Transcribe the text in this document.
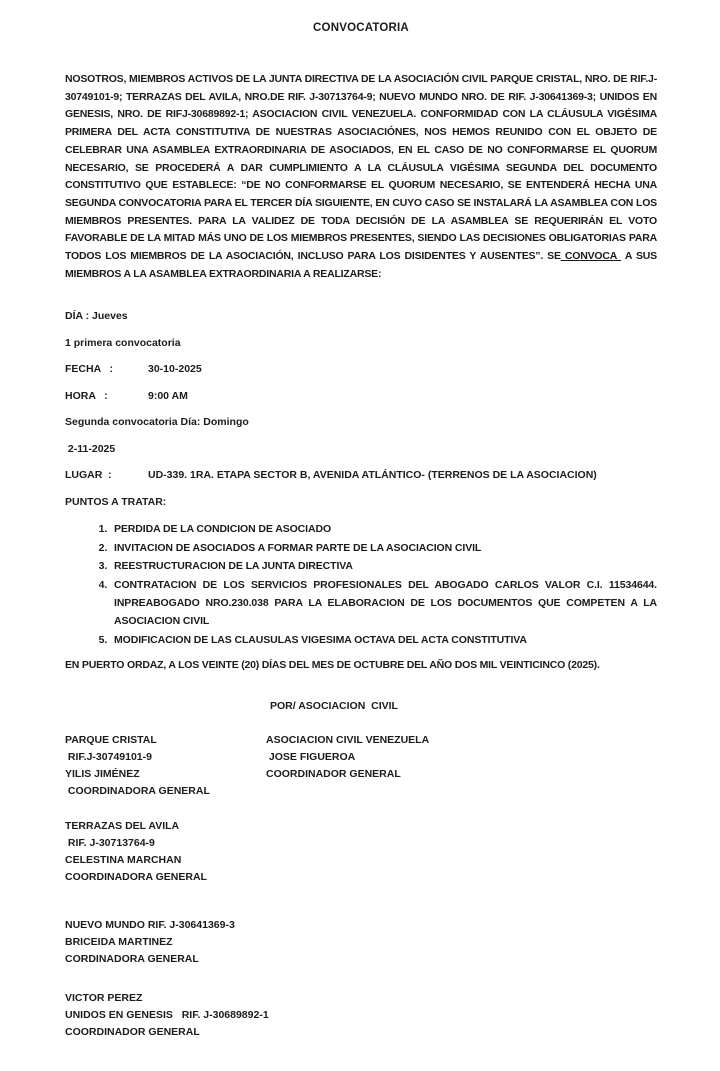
CONVOCATORIA

NOSOTROS, MIEMBROS ACTIVOS DE LA JUNTA DIRECTIVA DE LA ASOCIACIÓN CIVIL PARQUE CRISTAL, NRO. DE RIF.J-30749101-9; TERRAZAS DEL AVILA, NRO.DE RIF. J-30713764-9; NUEVO MUNDO NRO. DE RIF. J-30641369-3; UNIDOS EN GENESIS, NRO. DE RIFJ-30689892-1; ASOCIACION CIVIL VENEZUELA. CONFORMIDAD CON LA CLÁUSULA VIGÉSIMA PRIMERA DEL ACTA CONSTITUTIVA DE NUESTRAS ASOCIACIÓNES, NOS HEMOS REUNIDO CON EL OBJETO DE CELEBRAR UNA ASAMBLEA EXTRAORDINARIA DE ASOCIADOS, EN EL CASO DE NO CONFORMARSE EL QUORUM NECESARIO, SE PROCEDERÁ A DAR CUMPLIMIENTO A LA CLÁUSULA VIGÉSIMA SEGUNDA DEL DOCUMENTO CONSTITUTIVO QUE ESTABLECE: “DE NO CONFORMARSE EL QUORUM NECESARIO, SE ENTENDERÁ HECHA UNA SEGUNDA CONVOCATORIA PARA EL TERCER DÍA SIGUIENTE, EN CUYO CASO SE INSTALARÁ LA ASAMBLEA CON LOS MIEMBROS PRESENTES. PARA LA VALIDEZ DE TODA DECISIÓN DE LA ASAMBLEA SE REQUERIRÁN EL VOTO FAVORABLE DE LA MITAD MÁS UNO DE LOS MIEMBROS PRESENTES, SIENDO LAS DECISIONES OBLIGATORIAS PARA TODOS LOS MIEMBROS DE LA ASOCIACIÓN, INCLUSO PARA LOS DISIDENTES Y AUSENTES”. SE CONVOCA  A SUS MIEMBROS A LA ASAMBLEA EXTRAORDINARIA A REALIZARSE:

DÍA : Jueves
1 primera convocatoria
FECHA   :	30-10-2025
HORA   :	9:00 AM
Segunda convocatoria Día: Domingo
2-11-2025
LUGAR  :	UD-339. 1RA. ETAPA SECTOR B, AVENIDA ATLÁNTICO- (TERRENOS DE LA ASOCIACION)
PUNTOS A TRATAR:
1. PERDIDA DE LA CONDICION DE ASOCIADO
2. INVITACION DE ASOCIADOS A FORMAR PARTE DE LA ASOCIACION CIVIL
3. REESTRUCTURACION DE LA JUNTA DIRECTIVA
4. CONTRATACION DE LOS SERVICIOS PROFESIONALES DEL ABOGADO CARLOS VALOR C.I. 11534644. INPREABOGADO NRO.230.038 PARA LA ELABORACION DE LOS DOCUMENTOS QUE COMPETEN A LA ASOCIACION CIVIL
5. MODIFICACION DE LAS CLAUSULAS VIGESIMA OCTAVA DEL ACTA CONSTITUTIVA

EN PUERTO ORDAZ, A LOS VEINTE (20) DÍAS DEL MES DE OCTUBRE DEL AÑO DOS MIL VEINTICINCO (2025).

POR/ ASOCIACION  CIVIL
PARQUE CRISTAL
RIF.J-30749101-9
YILIS JIMÉNEZ
COORDINADORA GENERAL
ASOCIACION CIVIL VENEZUELA
JOSE FIGUEROA
COORDINADOR GENERAL
TERRAZAS DEL AVILA
RIF. J-30713764-9
CELESTINA MARCHAN
COORDINADORA GENERAL
NUEVO MUNDO RIF. J-30641369-3
BRICEIDA MARTINEZ
CORDINADORA GENERAL
VICTOR PEREZ
UNIDOS EN GENESIS   RIF. J-30689892-1
COORDINADOR GENERAL
